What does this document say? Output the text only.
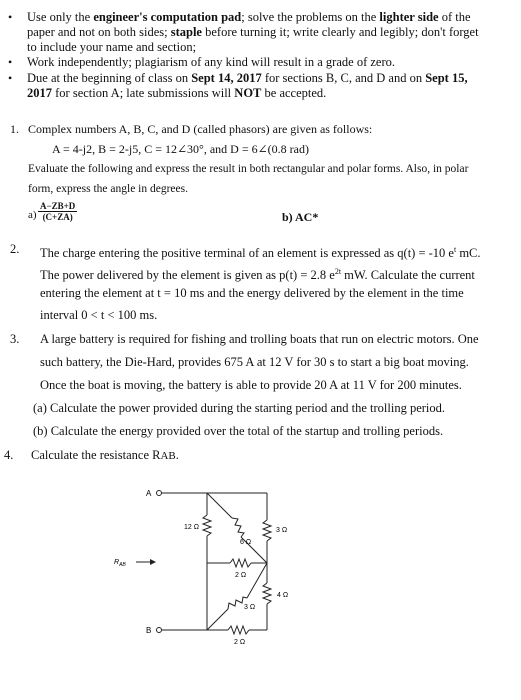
• Use only the engineer's computation pad; solve the problems on the lighter side of the
paper and not on both sides; staple before turning it; write clearly and legibly; don't forget
to include your name and section;
• Work independently; plagiarism of any kind will result in a grade of zero.
• Due at the beginning of class on Sept 14, 2017 for sections B, C, and D and on Sept 15,
2017 for section A; late submissions will NOT be accepted.
1. Complex numbers A, B, C, and D (called phasors) are given as follows:
A = 4-j2, B = 2-j5, C = 12∠30°, and D = 6∠(0.8 rad)
Evaluate the following and express the result in both rectangular and polar forms. Also, in polar
form, express the angle in degrees.
$a) \frac{A-ZB+D}{(C+ZA)}$	b) AC*
2. The charge entering the positive terminal of an element is expressed as q(t) = -10 $e^t$ mC.
The power delivered by the element is given as p(t) = 2.8 $e^{2t}$ mW. Calculate the current
entering the element at t = 10 ms and the energy delivered by the element in the time
interval 0 < t < 100 ms.
3. A large battery is required for fishing and trolling boats that run on electric motors. One
such battery, the Die-Hard, provides 675 A at 12 V for 30 s to start a big boat moving.
Once the boat is moving, the battery is able to provide 20 A at 11 V for 200 minutes.
(a) Calculate the power provided during the starting period and the trolling period.
(b) Calculate the energy provided over the total of the startup and trolling periods.
4. Calculate the resistance RAB.
A
B
$R_{AB}$
12 Ω
6 Ω
3 Ω
2 Ω
3 Ω
4 Ω
2 Ω
